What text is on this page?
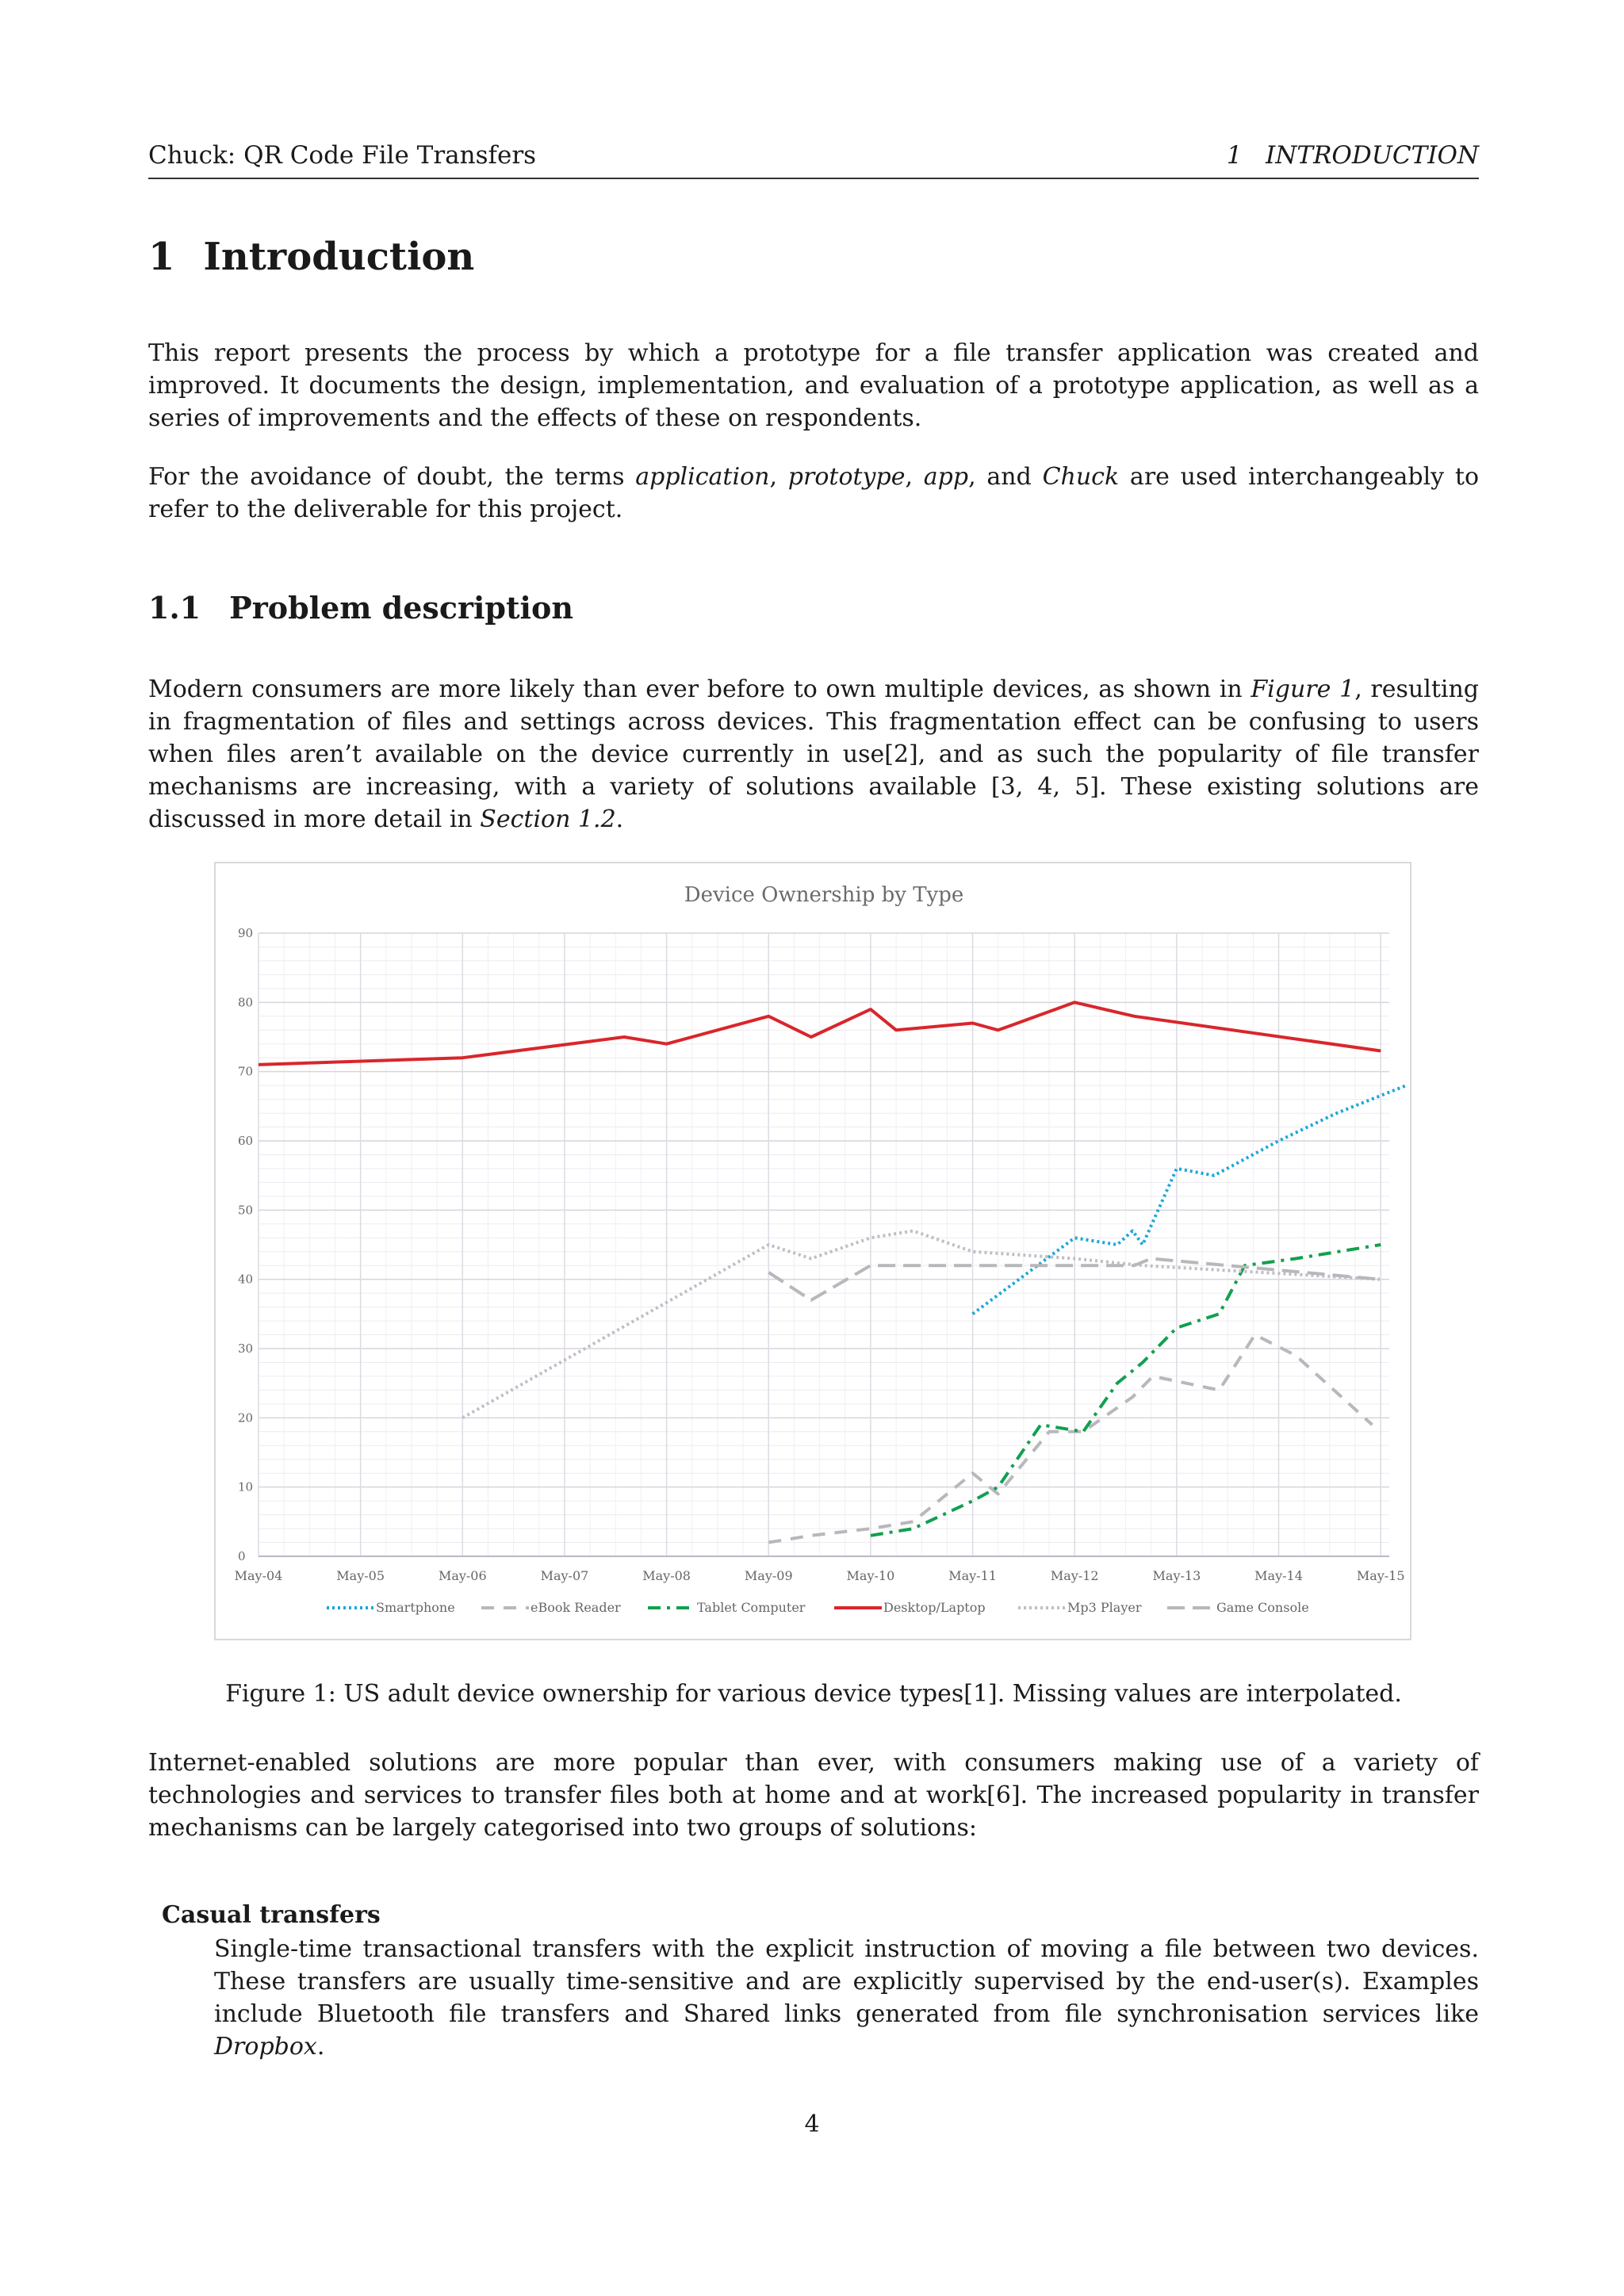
Chuck: QR Code File Transfers	1   INTRODUCTION
1 Introduction

This report presents the process by which a prototype for a file transfer application was created and improved. It documents the design, implementation, and evaluation of a prototype application, as well as a series of improvements and the effects of these on respondents.

For the avoidance of doubt, the terms application, prototype, app, and Chuck are used interchangeably to refer to the deliverable for this project.

1.1 Problem description

Modern consumers are more likely than ever before to own multiple devices, as shown in Figure 1, resulting in fragmentation of files and settings across devices. This fragmentation effect can be confusing to users when files aren’t available on the device currently in use[2], and as such the popularity of file transfer mechanisms are increasing, with a variety of solutions available [3, 4, 5]. These existing solutions are discussed in more detail in Section 1.2.

0
10
20
30
40
50
60
70
80
90
May-04	May-05	May-06	May-07	May-08	May-09	May-10	May-11	May-12	May-13	May-14	May-15
Device Ownership by Type
Smartphone	eBook Reader	Tablet Computer	Desktop/Laptop	Mp3 Player	Game Console

Figure 1: US adult device ownership for various device types[1]. Missing values are interpolated.

Internet-enabled solutions are more popular than ever, with consumers making use of a variety of technologies and services to transfer files both at home and at work[6]. The increased popularity in transfer mechanisms can be largely categorised into two groups of solutions:

Casual transfers

Single-time transactional transfers with the explicit instruction of moving a file between two devices. These transfers are usually time-sensitive and are explicitly supervised by the end-user(s). Examples include Bluetooth file transfers and Shared links generated from file synchronisation services like Dropbox.

4
